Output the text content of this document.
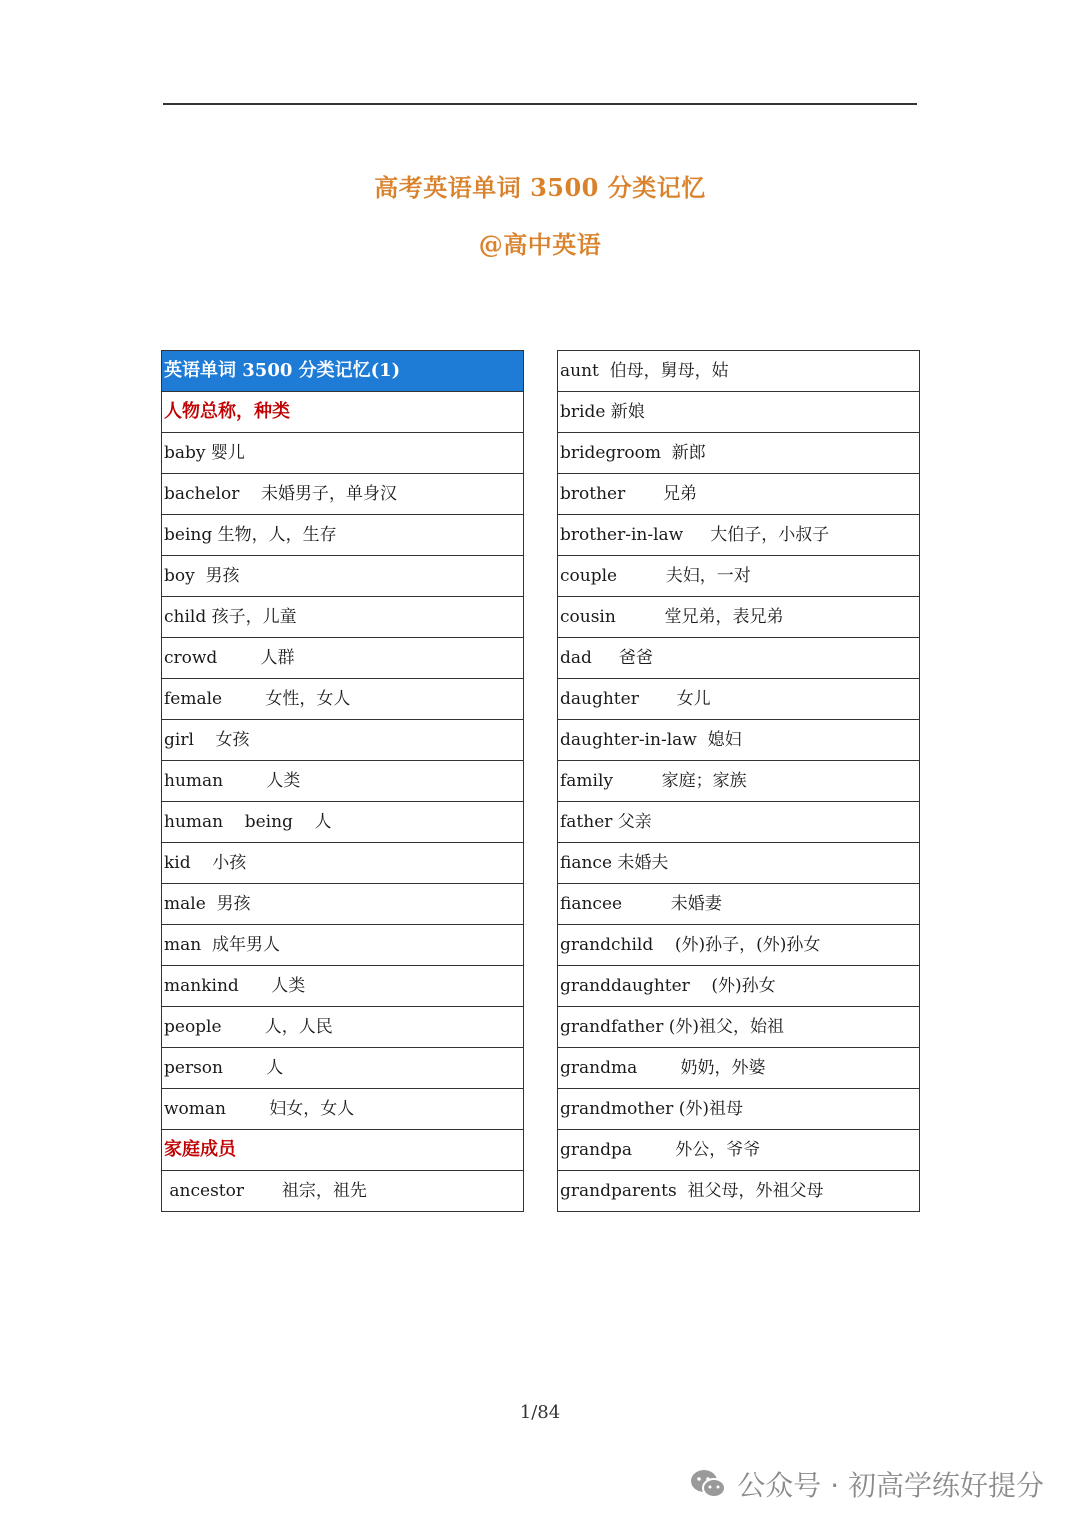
高考英语单词 3500 分类记忆
@高中英语
英语单词 3500 分类记忆(1)
人物总称，种类
baby 婴儿
bachelor    未婚男子，单身汉
being 生物，人，生存
boy  男孩
child 孩子，儿童
crowd        人群
female        女性，女人
girl    女孩
human        人类
human    being    人
kid    小孩
male  男孩
man  成年男人
mankind      人类
people        人，人民
person        人
woman        妇女，女人
家庭成员
ancestor       祖宗，祖先
aunt  伯母，舅母，姑
bride 新娘
bridegroom  新郎
brother       兄弟
brother-in-law     大伯子，小叔子
couple         夫妇，一对
cousin         堂兄弟，表兄弟
dad     爸爸
daughter       女儿
daughter-in-law  媳妇
family         家庭；家族
father 父亲
fiance 未婚夫
fiancee         未婚妻
grandchild    (外)孙子，(外)孙女
granddaughter    (外)孙女
grandfather (外)祖父，始祖
grandma        奶奶，外婆
grandmother (外)祖母
grandpa        外公，爷爷
grandparents  祖父母，外祖父母
1/84
公众号 · 初高学练好提分
